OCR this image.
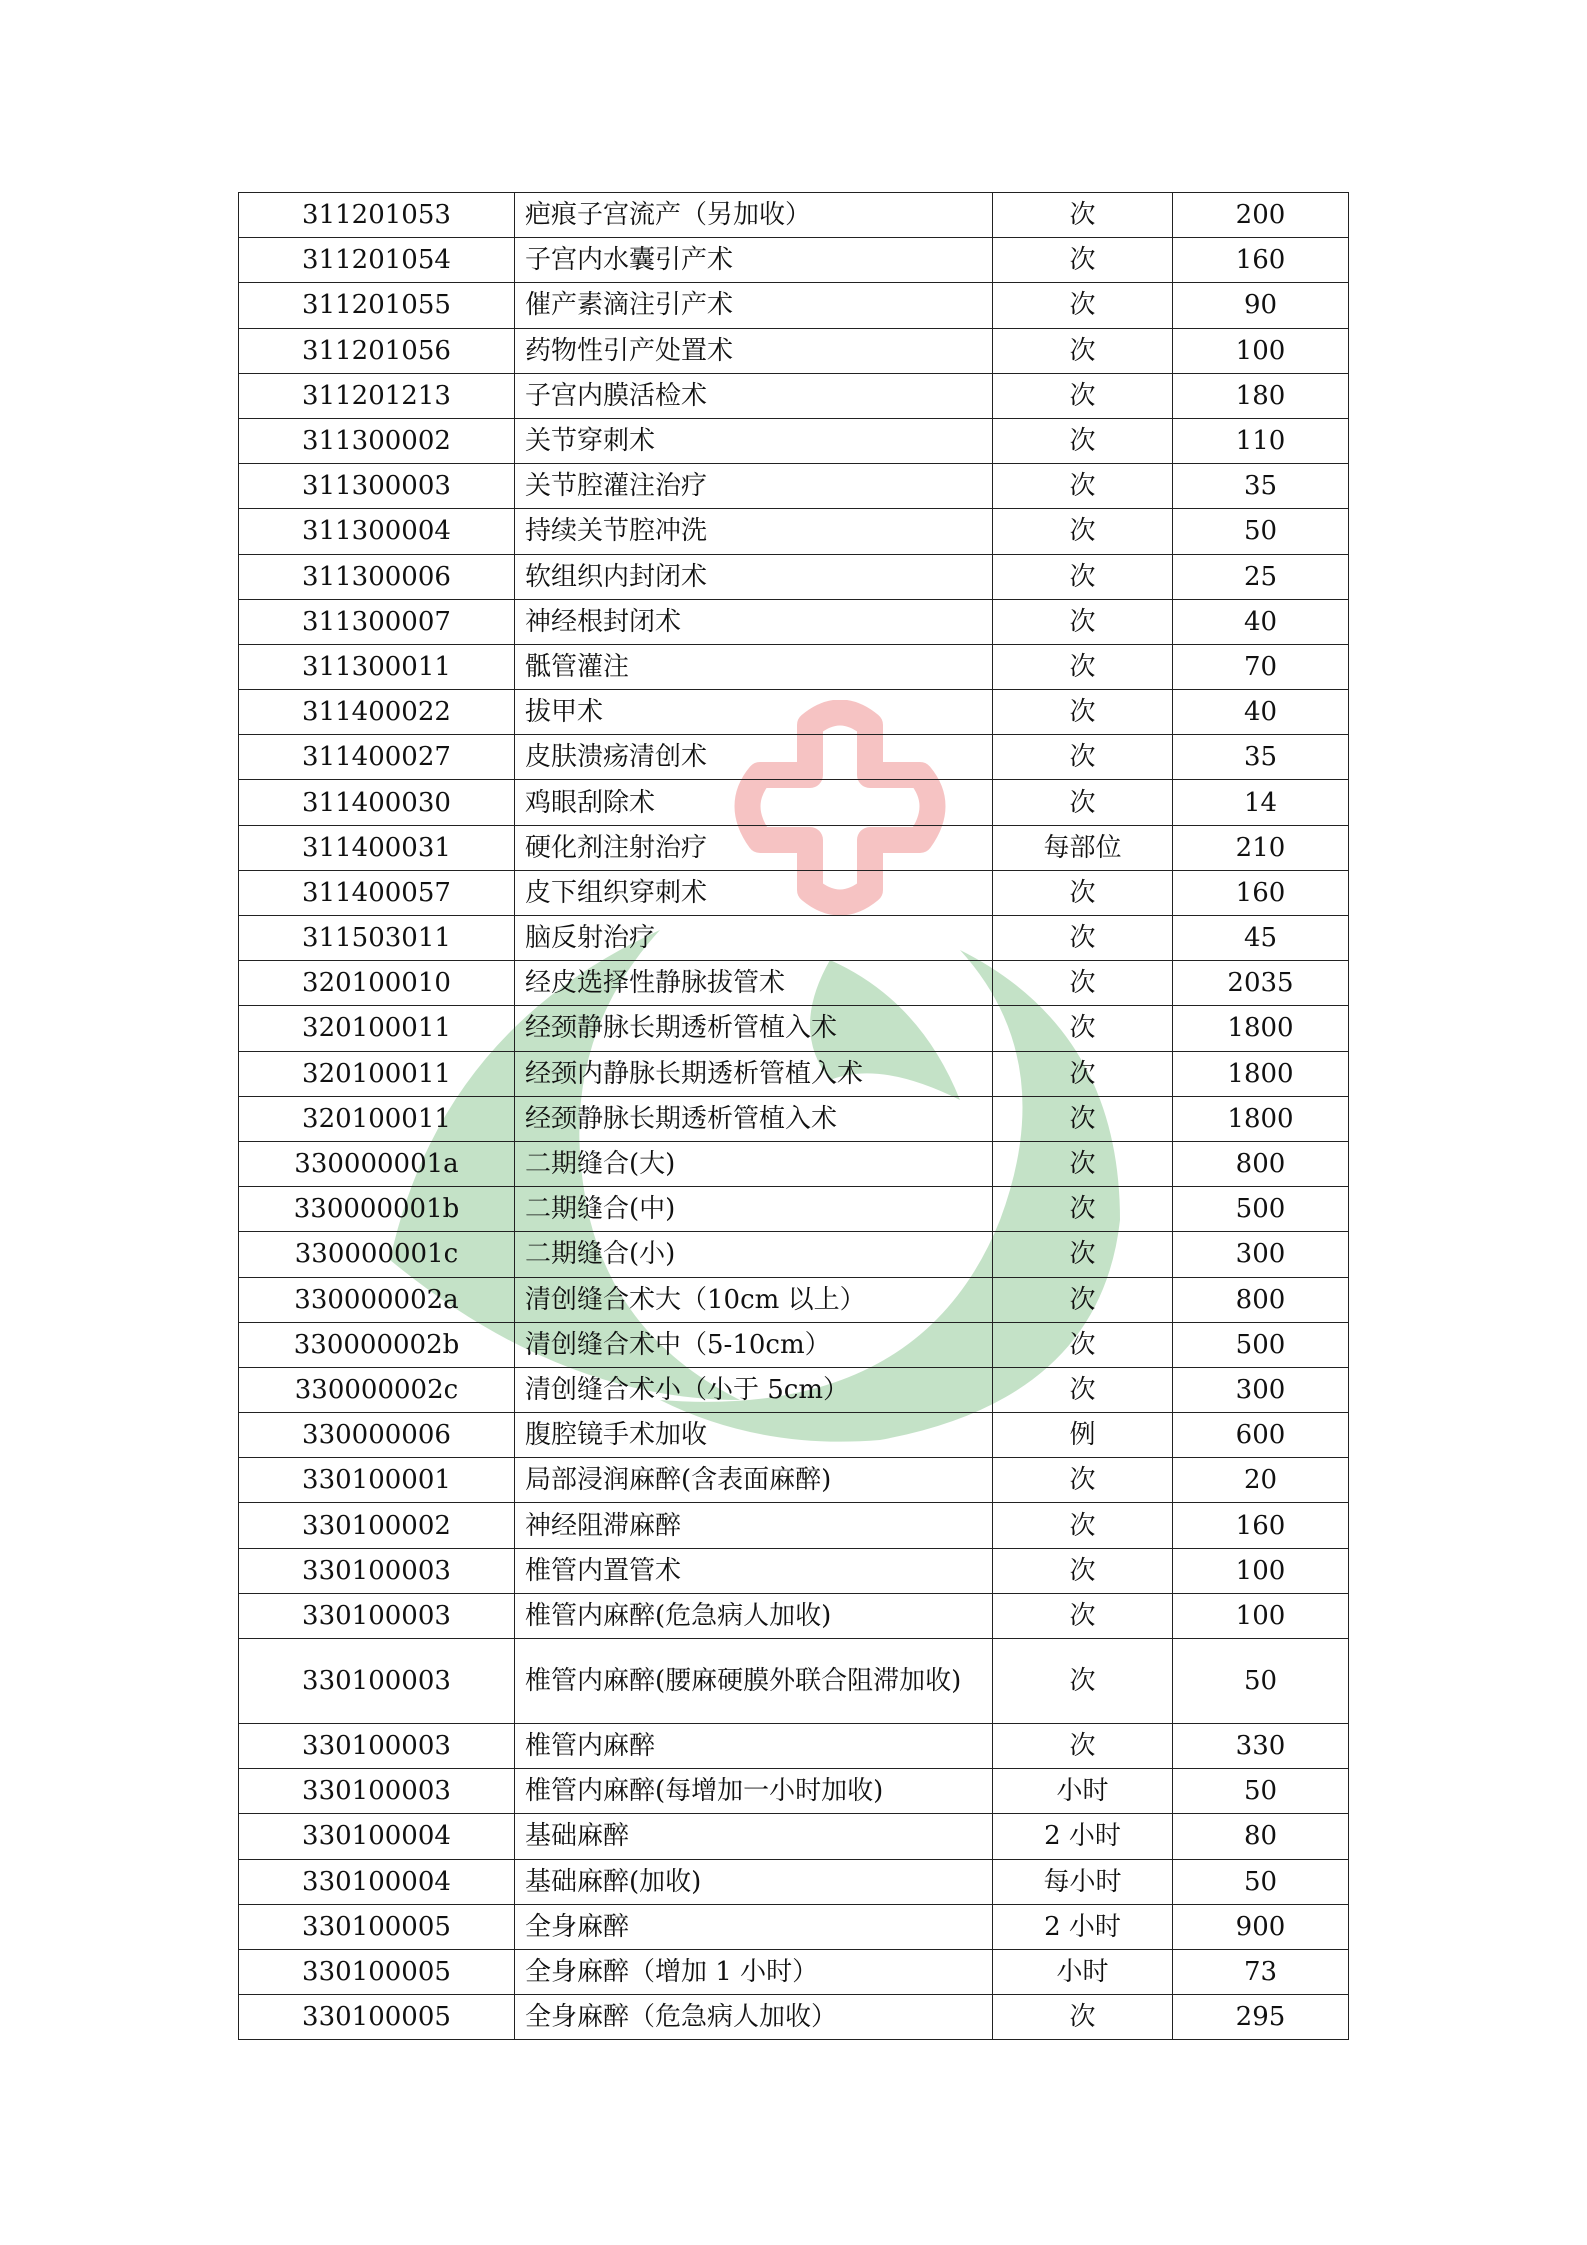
311201053	疤痕子宫流产（另加收）	次	200
311201054	子宫内水囊引产术	次	160
311201055	催产素滴注引产术	次	90
311201056	药物性引产处置术	次	100
311201213	子宫内膜活检术	次	180
311300002	关节穿刺术	次	110
311300003	关节腔灌注治疗	次	35
311300004	持续关节腔冲洗	次	50
311300006	软组织内封闭术	次	25
311300007	神经根封闭术	次	40
311300011	骶管灌注	次	70
311400022	拔甲术	次	40
311400027	皮肤溃疡清创术	次	35
311400030	鸡眼刮除术	次	14
311400031	硬化剂注射治疗	每部位	210
311400057	皮下组织穿刺术	次	160
311503011	脑反射治疗	次	45
320100010	经皮选择性静脉拔管术	次	2035
320100011	经颈静脉长期透析管植入术	次	1800
320100011	经颈内静脉长期透析管植入术	次	1800
320100011	经颈静脉长期透析管植入术	次	1800
330000001a	二期缝合(大)	次	800
330000001b	二期缝合(中)	次	500
330000001c	二期缝合(小)	次	300
330000002a	清创缝合术大（10cm 以上）	次	800
330000002b	清创缝合术中（5-10cm）	次	500
330000002c	清创缝合术小（小于 5cm）	次	300
330000006	腹腔镜手术加收	例	600
330100001	局部浸润麻醉(含表面麻醉)	次	20
330100002	神经阻滞麻醉	次	160
330100003	椎管内置管术	次	100
330100003	椎管内麻醉(危急病人加收)	次	100
330100003	椎管内麻醉(腰麻硬膜外联合阻滞加收)	次	50
330100003	椎管内麻醉	次	330
330100003	椎管内麻醉(每增加一小时加收)	小时	50
330100004	基础麻醉	2 小时	80
330100004	基础麻醉(加收)	每小时	50
330100005	全身麻醉	2 小时	900
330100005	全身麻醉（增加 1 小时）	小时	73
330100005	全身麻醉（危急病人加收）	次	295
